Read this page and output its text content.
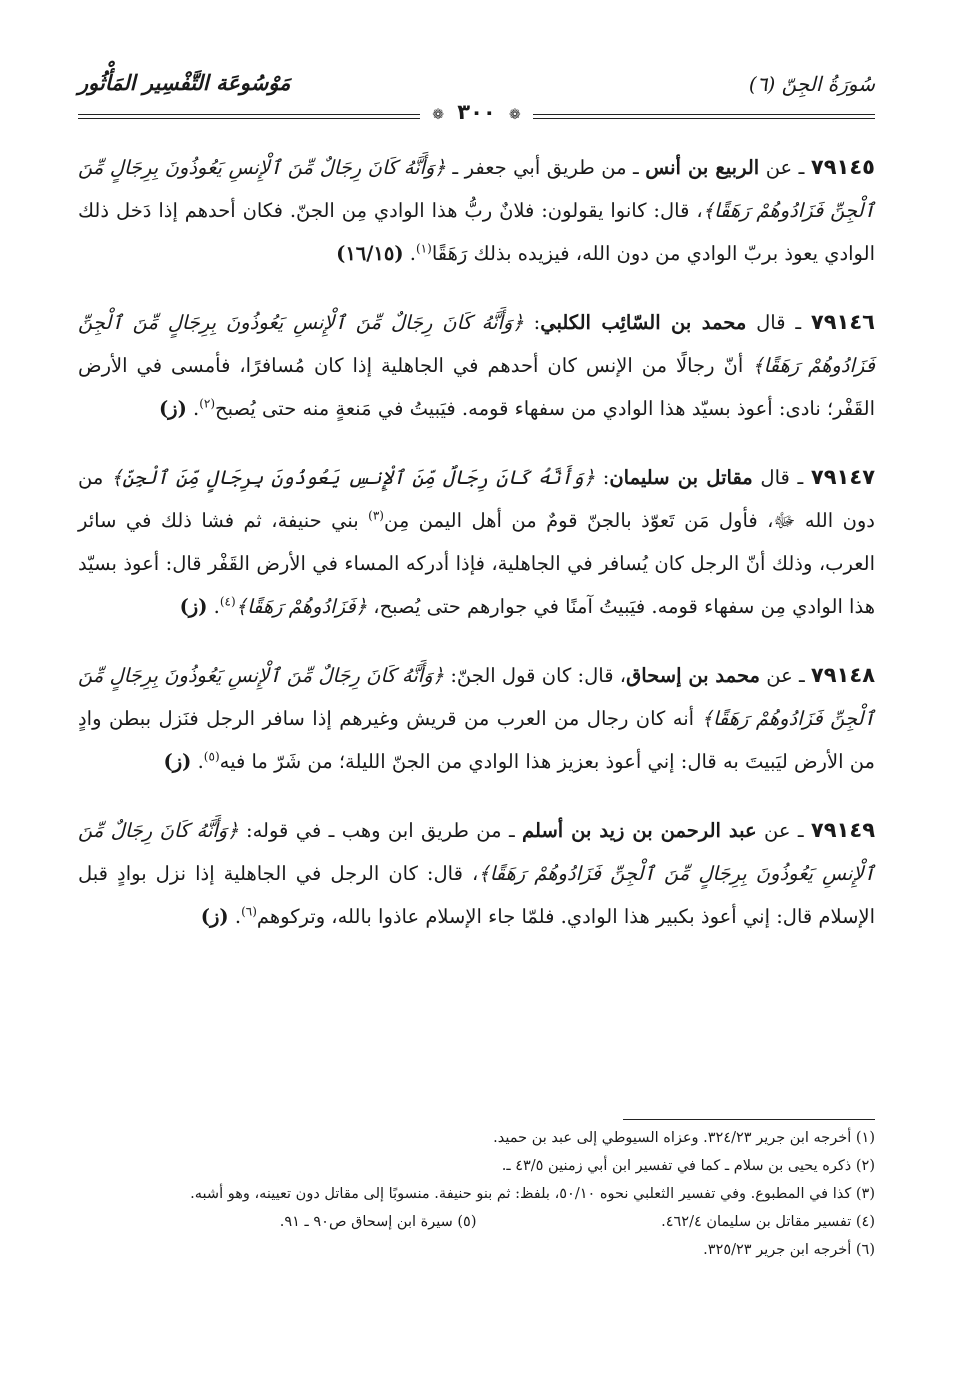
سُورَةُ الجِنّ (٦)
مَوْسُوعَة التَّفْسِير المَأْثُور
❁ ٣٠٠ ❁

٧٩١٤٥ ـ عن الربيع بن أنس ـ من طريق أبي جعفر ـ ﴿وَأَنَّهُ كَانَ رِجَالٌ مِّنَ ٱلْإِنسِ يَعُوذُونَ بِرِجَالٍ مِّنَ ٱلْجِنِّ فَزَادُوهُمْ رَهَقًا﴾، قال: كانوا يقولون: فلانٌ ربُّ هذا الوادي مِن الجنّ. فكان أحدهم إذا دَخل ذلك الوادي يعوذ بربّ الوادي من دون الله، فيزيده بذلك رَهَقًا$^{(١)}$. (١٦/١٥)

٧٩١٤٦ ـ قال محمد بن السّائِب الكلبي: ﴿وَأَنَّهُ كَانَ رِجَالٌ مِّنَ ٱلْإِنسِ يَعُوذُونَ بِرِجَالٍ مِّنَ ٱلْجِنِّ فَزَادُوهُمْ رَهَقًا﴾ أنّ رجالًا من الإنس كان أحدهم في الجاهلية إذا كان مُسافرًا، فأمسى في الأرض القَفْر؛ نادى: أعوذ بسيّد هذا الوادي من سفهاء قومه. فيَبيتُ في مَنعةٍ منه حتى يُصبح$^{(٢)}$. (ز)

٧٩١٤٧ ـ قال مقاتل بن سليمان: ﴿وَأَنَّهُ كَانَ رِجَالٌ مِّنَ ٱلْإِنسِ يَعُوذُونَ بِرِجَالٍ مِّنَ ٱلْجِنِّ﴾ من دون الله ﷻ، فأول مَن تَعوّذ بالجنّ قومٌ من أهل اليمن مِن$^{(٣)}$ بني حنيفة، ثم فشا ذلك في سائر العرب، وذلك أنّ الرجل كان يُسافر في الجاهلية، فإذا أدركه المساء في الأرض القَفْر قال: أعوذ بسيّد هذا الوادي مِن سفهاء قومه. فيَبيتُ آمنًا في جوارهم حتى يُصبح، ﴿فَزَادُوهُمْ رَهَقًا﴾$^{(٤)}$. (ز)

٧٩١٤٨ ـ عن محمد بن إسحاق، قال: كان قول الجنّ: ﴿وَأَنَّهُ كَانَ رِجَالٌ مِّنَ ٱلْإِنسِ يَعُوذُونَ بِرِجَالٍ مِّنَ ٱلْجِنِّ فَزَادُوهُمْ رَهَقًا﴾ أنه كان رجال من العرب من قريش وغيرهم إذا سافر الرجل فنَزل ببطن وادٍ من الأرض ليَبيتَ به قال: إني أعوذ بعزيز هذا الوادي من الجنّ الليلة؛ من شَرّ ما فيه$^{(٥)}$. (ز)

٧٩١٤٩ ـ عن عبد الرحمن بن زيد بن أسلم ـ من طريق ابن وهب ـ في قوله: ﴿وَأَنَّهُ كَانَ رِجَالٌ مِّنَ ٱلْإِنسِ يَعُوذُونَ بِرِجَالٍ مِّنَ ٱلْجِنِّ فَزَادُوهُمْ رَهَقًا﴾، قال: كان الرجل في الجاهلية إذا نزل بوادٍ قبل الإسلام قال: إني أعوذ بكبير هذا الوادي. فلمّا جاء الإسلام عاذوا بالله، وتركوهم$^{(٦)}$. (ز)

(١) أخرجه ابن جرير ٣٢٤/٢٣. وعزاه السيوطي إلى عبد بن حميد.

(٢) ذكره يحيى بن سلام ـ كما في تفسير ابن أبي زمنين ٤٣/٥ ـ.

(٣) كذا في المطبوع. وفي تفسير الثعلبي نحوه ٥٠/١٠، بلفظ: ثم بنو حنيفة. منسوبًا إلى مقاتل دون تعيينه، وهو أشبه.

(٤) تفسير مقاتل بن سليمان ٤٦٢/٤.

(٥) سيرة ابن إسحاق ص٩٠ ـ ٩١.

(٦) أخرجه ابن جرير ٣٢٥/٢٣.
